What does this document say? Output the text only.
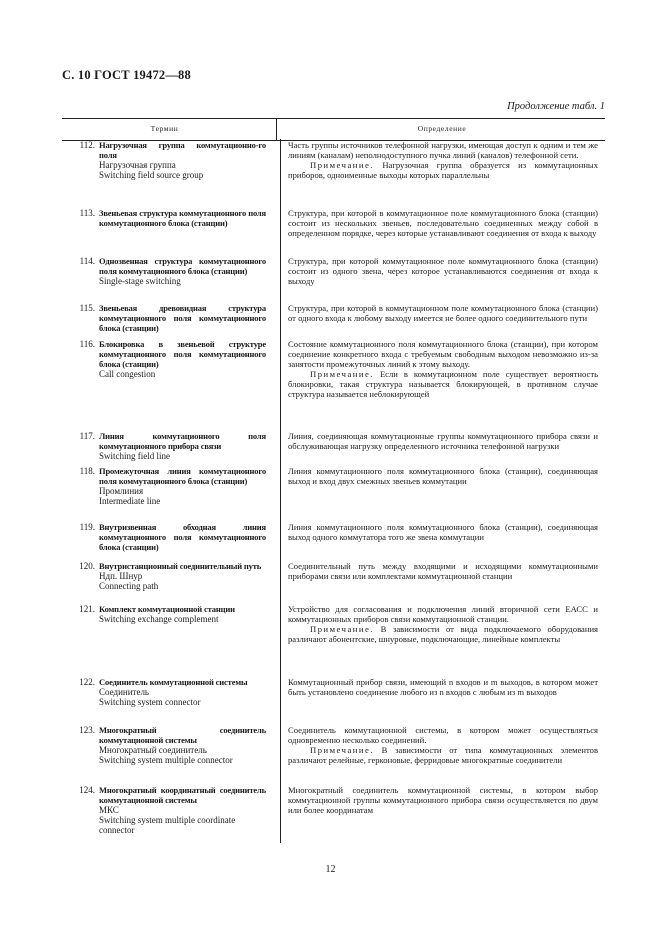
С. 10 ГОСТ 19472—88
Продолжение табл. 1
Термин	Определение
112. Нагрузочная группа коммутационно-го поля
Нагрузочная группа
Switching field source group
Часть группы источников телефонной нагрузки, имеющая доступ к одним и тем же линиям (каналам) неполнодоступного пучка линий (каналов) телефонной сети.
Примечание. Нагрузочная группа образуется из коммутационных приборов, одноименные выходы которых параллельны
113. Звеньевая структура коммутационного поля коммутационного блока (станции)
Структура, при которой в коммутационное поле коммутационного блока (станции) состоит из нескольких звеньев, последовательно соединенных между собой в определенном порядке, через которые устанавливают соединения от входа к выходу
114. Однозвенная структура коммутационного поля коммутационного блока (станции)
Single-stage switching
Структура, при которой коммутационное поле коммутационного блока (станции) состоит из одного звена, через которое устанавливаются соединения от входа к выходу
115. Звеньевая древовидная структура коммутационного поля коммутационного блока (станции)
Структура, при которой в коммутационном поле коммутационного блока (станции) от одного входа к любому выходу имеется не более одного соединительного пути
116. Блокировка в звеньевой структуре коммутационного поля коммутационного блока (станции)
Call congestion
Состояние коммутационного поля коммутационного блока (станции), при котором соединение конкретного входа с требуемым свободным выходом невозможно из-за занятости промежуточных линий к этому выходу.
Примечание. Если в коммутационном поле существует вероятность блокировки, такая структура называется блокирующей, в противном случае структура называется неблокирующей
117. Линия коммутационного поля коммутационного прибора связи
Switching field line
Линия, соединяющая коммутационные группы коммутационного прибора связи и обслуживающая нагрузку определенного источника телефонной нагрузки
118. Промежуточная линия коммутационного поля коммутационного блока (станции)
Промлиния
Intermediate line
Линия коммутационного поля коммутационного блока (станции), соединяющая выход и вход двух смежных звеньев коммутации
119. Внутризвенная обходная линия коммутационного поля коммутационного блока (станции)
Линия коммутационного поля коммутационного блока (станции), соединяющая выход одного коммутатора того же звена коммутации
120. Внутристанционный соединительный путь
Ндп. Шнур
Connecting path
Соединительный путь между входящими и исходящими коммутационными приборами связи или комплектами коммутационной станции
121. Комплект коммутационной станции
Switching exchange complement
Устройство для согласования и подключения линий вторичной сети ЕАСС и коммутационных приборов связи коммутационной станции.
Примечание. В зависимости от вида подключаемого оборудования различают абонентские, шнуровые, подключающие, линейные комплекты
122. Соединитель коммутационной системы
Соединитель
Switching system connector
Коммутационный прибор связи, имеющий n входов и m выходов, в котором может быть установлено соединение любого из n входов с любым из m выходов
123. Многократный соединитель коммутационной системы
Многократный соединитель
Switching system multiple connector
Соединитель коммутационной системы, в котором может осуществляться одновременно несколько соединений.
Примечание. В зависимости от типа коммутационных элементов различают релейные, герконовые, ферридовые многократные соединители
124. Многократный координатный соединитель коммутационной системы
МКС
Switching system multiple coordinate connector
Многократный соединитель коммутационной системы, в котором выбор коммутационной группы коммутационного прибора связи осуществляется по двум или более координатам
12
